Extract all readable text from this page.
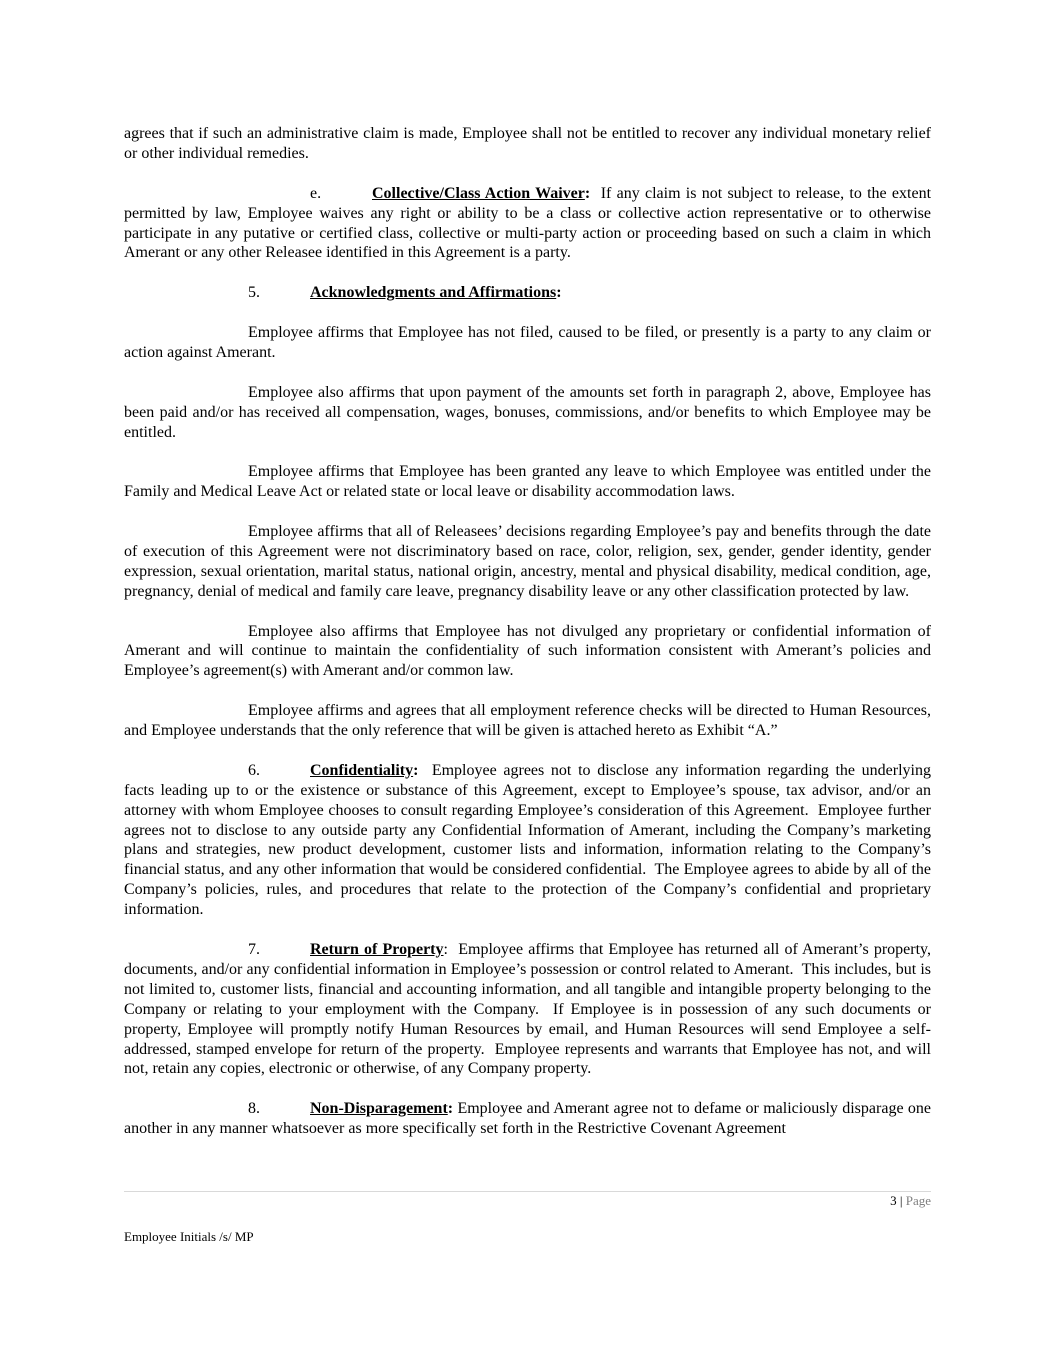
agrees that if such an administrative claim is made, Employee shall not be entitled to recover any individual monetary relief or other individual remedies.

e.	Collective/Class Action Waiver:  If any claim is not subject to release, to the extent permitted by law, Employee waives any right or ability to be a class or collective action representative or to otherwise participate in any putative or certified class, collective or multi-party action or proceeding based on such a claim in which Amerant or any other Releasee identified in this Agreement is a party.

5.	Acknowledgments and Affirmations:

Employee affirms that Employee has not filed, caused to be filed, or presently is a party to any claim or action against Amerant.

Employee also affirms that upon payment of the amounts set forth in paragraph 2, above, Employee has been paid and/or has received all compensation, wages, bonuses, commissions, and/or benefits to which Employee may be entitled.

Employee affirms that Employee has been granted any leave to which Employee was entitled under the Family and Medical Leave Act or related state or local leave or disability accommodation laws.

Employee affirms that all of Releasees’ decisions regarding Employee’s pay and benefits through the date of execution of this Agreement were not discriminatory based on race, color, religion, sex, gender, gender identity, gender expression, sexual orientation, marital status, national origin, ancestry, mental and physical disability, medical condition, age, pregnancy, denial of medical and family care leave, pregnancy disability leave or any other classification protected by law.

Employee also affirms that Employee has not divulged any proprietary or confidential information of Amerant and will continue to maintain the confidentiality of such information consistent with Amerant’s policies and Employee’s agreement(s) with Amerant and/or common law.

Employee affirms and agrees that all employment reference checks will be directed to Human Resources, and Employee understands that the only reference that will be given is attached hereto as Exhibit “A.”

6.	Confidentiality:  Employee agrees not to disclose any information regarding the underlying facts leading up to or the existence or substance of this Agreement, except to Employee’s spouse, tax advisor, and/or an attorney with whom Employee chooses to consult regarding Employee’s consideration of this Agreement.  Employee further agrees not to disclose to any outside party any Confidential Information of Amerant, including the Company’s marketing plans and strategies, new product development, customer lists and information, information relating to the Company’s financial status, and any other information that would be considered confidential.  The Employee agrees to abide by all of the Company’s policies, rules, and procedures that relate to the protection of the Company’s confidential and proprietary information.

7.	Return of Property:  Employee affirms that Employee has returned all of Amerant’s property, documents, and/or any confidential information in Employee’s possession or control related to Amerant.  This includes, but is not limited to, customer lists, financial and accounting information, and all tangible and intangible property belonging to the Company or relating to your employment with the Company.  If Employee is in possession of any such documents or property, Employee will promptly notify Human Resources by email, and Human Resources will send Employee a self-addressed, stamped envelope for return of the property.  Employee represents and warrants that Employee has not, and will not, retain any copies, electronic or otherwise, of any Company property.

8.	Non-Disparagement: Employee and Amerant agree not to defame or maliciously disparage one another in any manner whatsoever as more specifically set forth in the Restrictive Covenant Agreement

3 | Page
Employee Initials /s/ MP
